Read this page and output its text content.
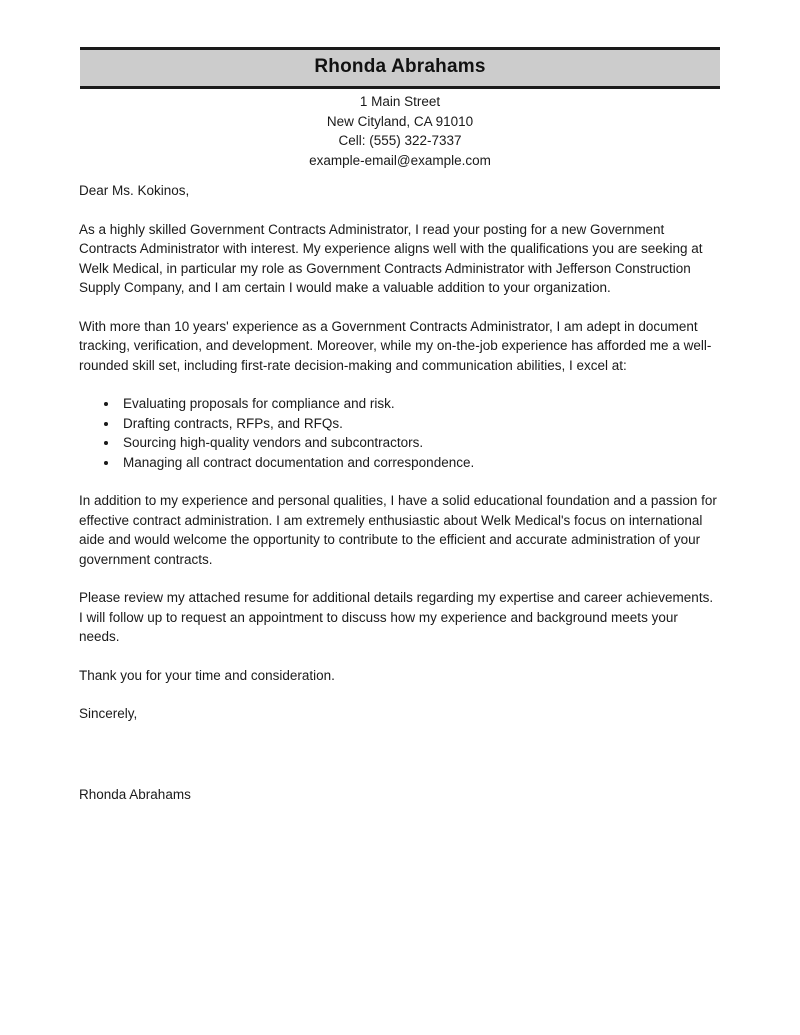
Rhonda Abrahams
1 Main Street
New Cityland, CA 91010
Cell: (555) 322-7337
example-email@example.com

Dear Ms. Kokinos,

As a highly skilled Government Contracts Administrator, I read your posting for a new Government Contracts Administrator with interest. My experience aligns well with the qualifications you are seeking at Welk Medical, in particular my role as Government Contracts Administrator with Jefferson Construction Supply Company, and I am certain I would make a valuable addition to your organization.

With more than 10 years' experience as a Government Contracts Administrator, I am adept in document tracking, verification, and development. Moreover, while my on-the-job experience has afforded me a well-rounded skill set, including first-rate decision-making and communication abilities, I excel at:

Evaluating proposals for compliance and risk.
Drafting contracts, RFPs, and RFQs.
Sourcing high-quality vendors and subcontractors.
Managing all contract documentation and correspondence.

In addition to my experience and personal qualities, I have a solid educational foundation and a passion for effective contract administration. I am extremely enthusiastic about Welk Medical's focus on international aide and would welcome the opportunity to contribute to the efficient and accurate administration of your government contracts.

Please review my attached resume for additional details regarding my expertise and career achievements. I will follow up to request an appointment to discuss how my experience and background meets your needs.

Thank you for your time and consideration.

Sincerely,

Rhonda Abrahams
